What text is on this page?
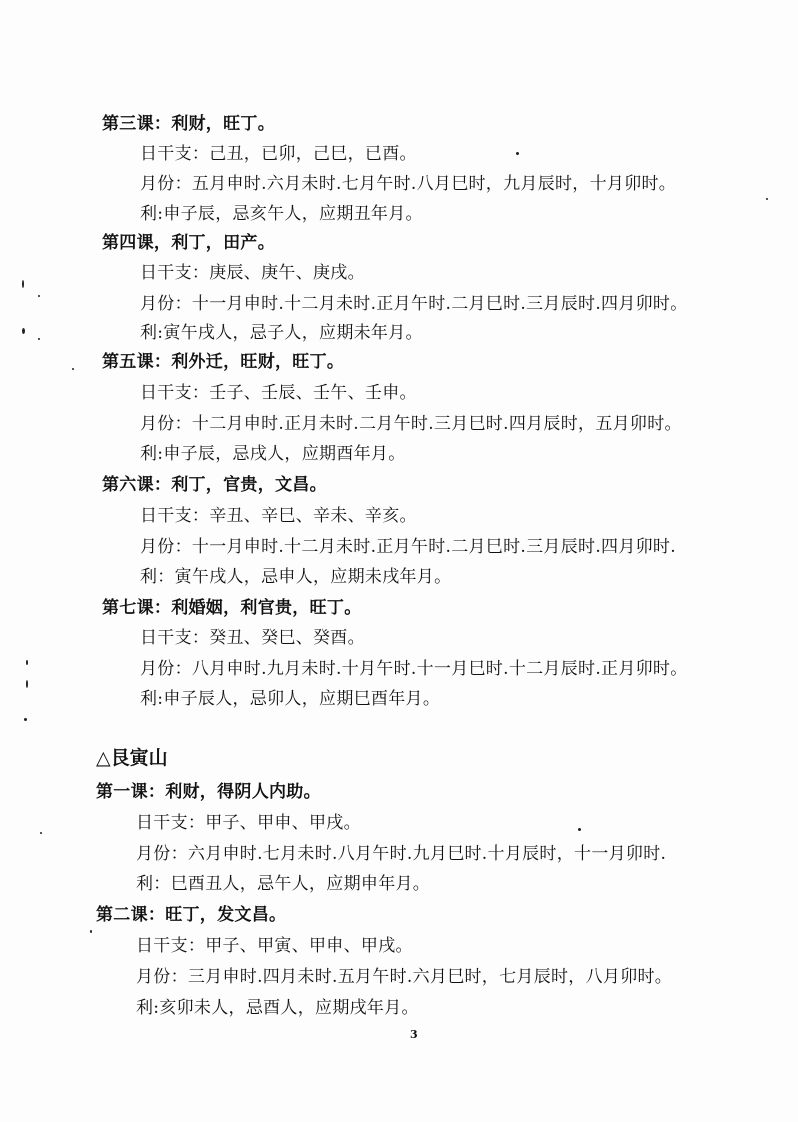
第三课：利财，旺丁。
日干支：己丑，已卯，己巳，已酉。
月份：五月申时.六月未时.七月午时.八月巳时，九月辰时，十月卯时。
利:申子辰，忌亥午人，应期丑年月。
第四课，利丁，田产。
日干支：庚辰、庚午、庚戌。
月份：十一月申时.十二月未时.正月午时.二月巳时.三月辰时.四月卯时。
利:寅午戌人，忌子人，应期未年月。
第五课：利外迁，旺财，旺丁。
日干支：壬子、壬辰、壬午、壬申。
月份：十二月申时.正月未时.二月午时.三月巳时.四月辰时，五月卯时。
利:申子辰，忌戌人，应期酉年月。
第六课：利丁，官贵，文昌。
日干支：辛丑、辛巳、辛未、辛亥。
月份：十一月申时.十二月未时.正月午时.二月巳时.三月辰时.四月卯时.
利：寅午戌人，忌申人，应期未戌年月。
第七课：利婚姻，利官贵，旺丁。
日干支：癸丑、癸巳、癸酉。
月份：八月申时.九月未时.十月午时.十一月巳时.十二月辰时.正月卯时。
利:申子辰人，忌卯人，应期巳酉年月。
△艮寅山
第一课：利财，得阴人内助。
日干支：甲子、甲申、甲戌。
月份：六月申时.七月未时.八月午时.九月巳时.十月辰时，十一月卯时.
利：巳酉丑人，忌午人，应期申年月。
第二课：旺丁，发文昌。
日干支：甲子、甲寅、甲申、甲戌。
月份：三月申时.四月未时.五月午时.六月巳时，七月辰时，八月卯时。
利:亥卯未人，忌酉人，应期戌年月。
3
